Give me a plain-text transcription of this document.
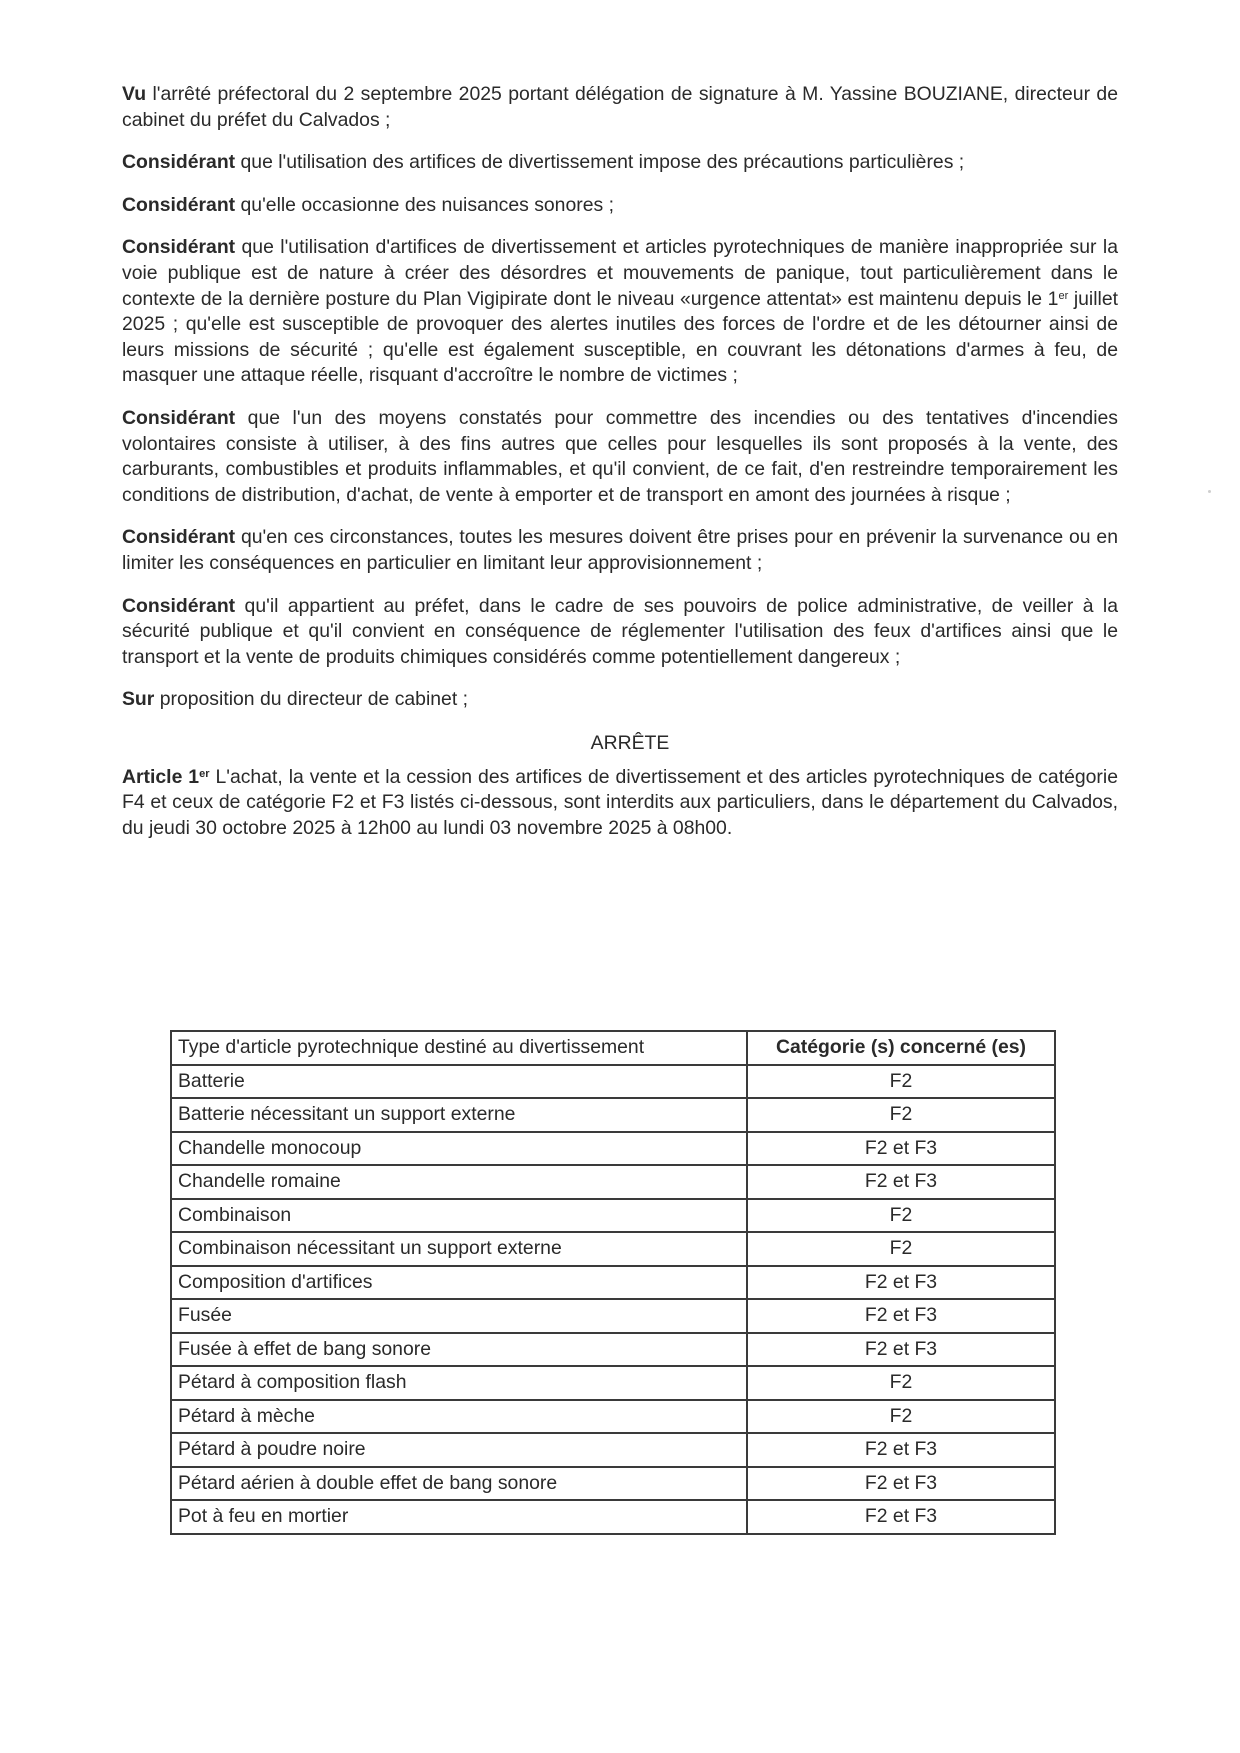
Vu l'arrêté préfectoral du 2 septembre 2025 portant délégation de signature à M. Yassine BOUZIANE, directeur de cabinet du préfet du Calvados ;

Considérant que l'utilisation des artifices de divertissement impose des précautions particulières ;

Considérant qu'elle occasionne des nuisances sonores ;

Considérant que l'utilisation d'artifices de divertissement et articles pyrotechniques de manière inappropriée sur la voie publique est de nature à créer des désordres et mouvements de panique, tout particulièrement dans le contexte de la dernière posture du Plan Vigipirate dont le niveau «urgence attentat» est maintenu depuis le 1er juillet 2025 ; qu'elle est susceptible de provoquer des alertes inutiles des forces de l'ordre et de les détourner ainsi de leurs missions de sécurité ; qu'elle est également susceptible, en couvrant les détonations d'armes à feu, de masquer une attaque réelle, risquant d'accroître le nombre de victimes ;

Considérant que l'un des moyens constatés pour commettre des incendies ou des tentatives d'incendies volontaires consiste à utiliser, à des fins autres que celles pour lesquelles ils sont proposés à la vente, des carburants, combustibles et produits inflammables, et qu'il convient, de ce fait, d'en restreindre temporairement les conditions de distribution, d'achat, de vente à emporter et de transport en amont des journées à risque ;

Considérant qu'en ces circonstances, toutes les mesures doivent être prises pour en prévenir la survenance ou en limiter les conséquences en particulier en limitant leur approvisionnement ;

Considérant qu'il appartient au préfet, dans le cadre de ses pouvoirs de police administrative, de veiller à la sécurité publique et qu'il convient en conséquence de réglementer l'utilisation des feux d'artifices ainsi que le transport et la vente de produits chimiques considérés comme potentiellement dangereux ;

Sur proposition du directeur de cabinet ;

ARRÊTE

Article 1er L'achat, la vente et la cession des artifices de divertissement et des articles pyrotechniques de catégorie F4 et ceux de catégorie F2 et F3 listés ci-dessous, sont interdits aux particuliers, dans le département du Calvados, du jeudi 30 octobre 2025 à 12h00 au lundi 03 novembre 2025 à 08h00.

Type d'article pyrotechnique destiné au divertissement	Catégorie (s) concerné (es)
Batterie	F2
Batterie nécessitant un support externe	F2
Chandelle monocoup	F2 et F3
Chandelle romaine	F2 et F3
Combinaison	F2
Combinaison nécessitant un support externe	F2
Composition d'artifices	F2 et F3
Fusée	F2 et F3
Fusée à effet de bang sonore	F2 et F3
Pétard à composition flash	F2
Pétard à mèche	F2
Pétard à poudre noire	F2 et F3
Pétard aérien à double effet de bang sonore	F2 et F3
Pot à feu en mortier	F2 et F3
